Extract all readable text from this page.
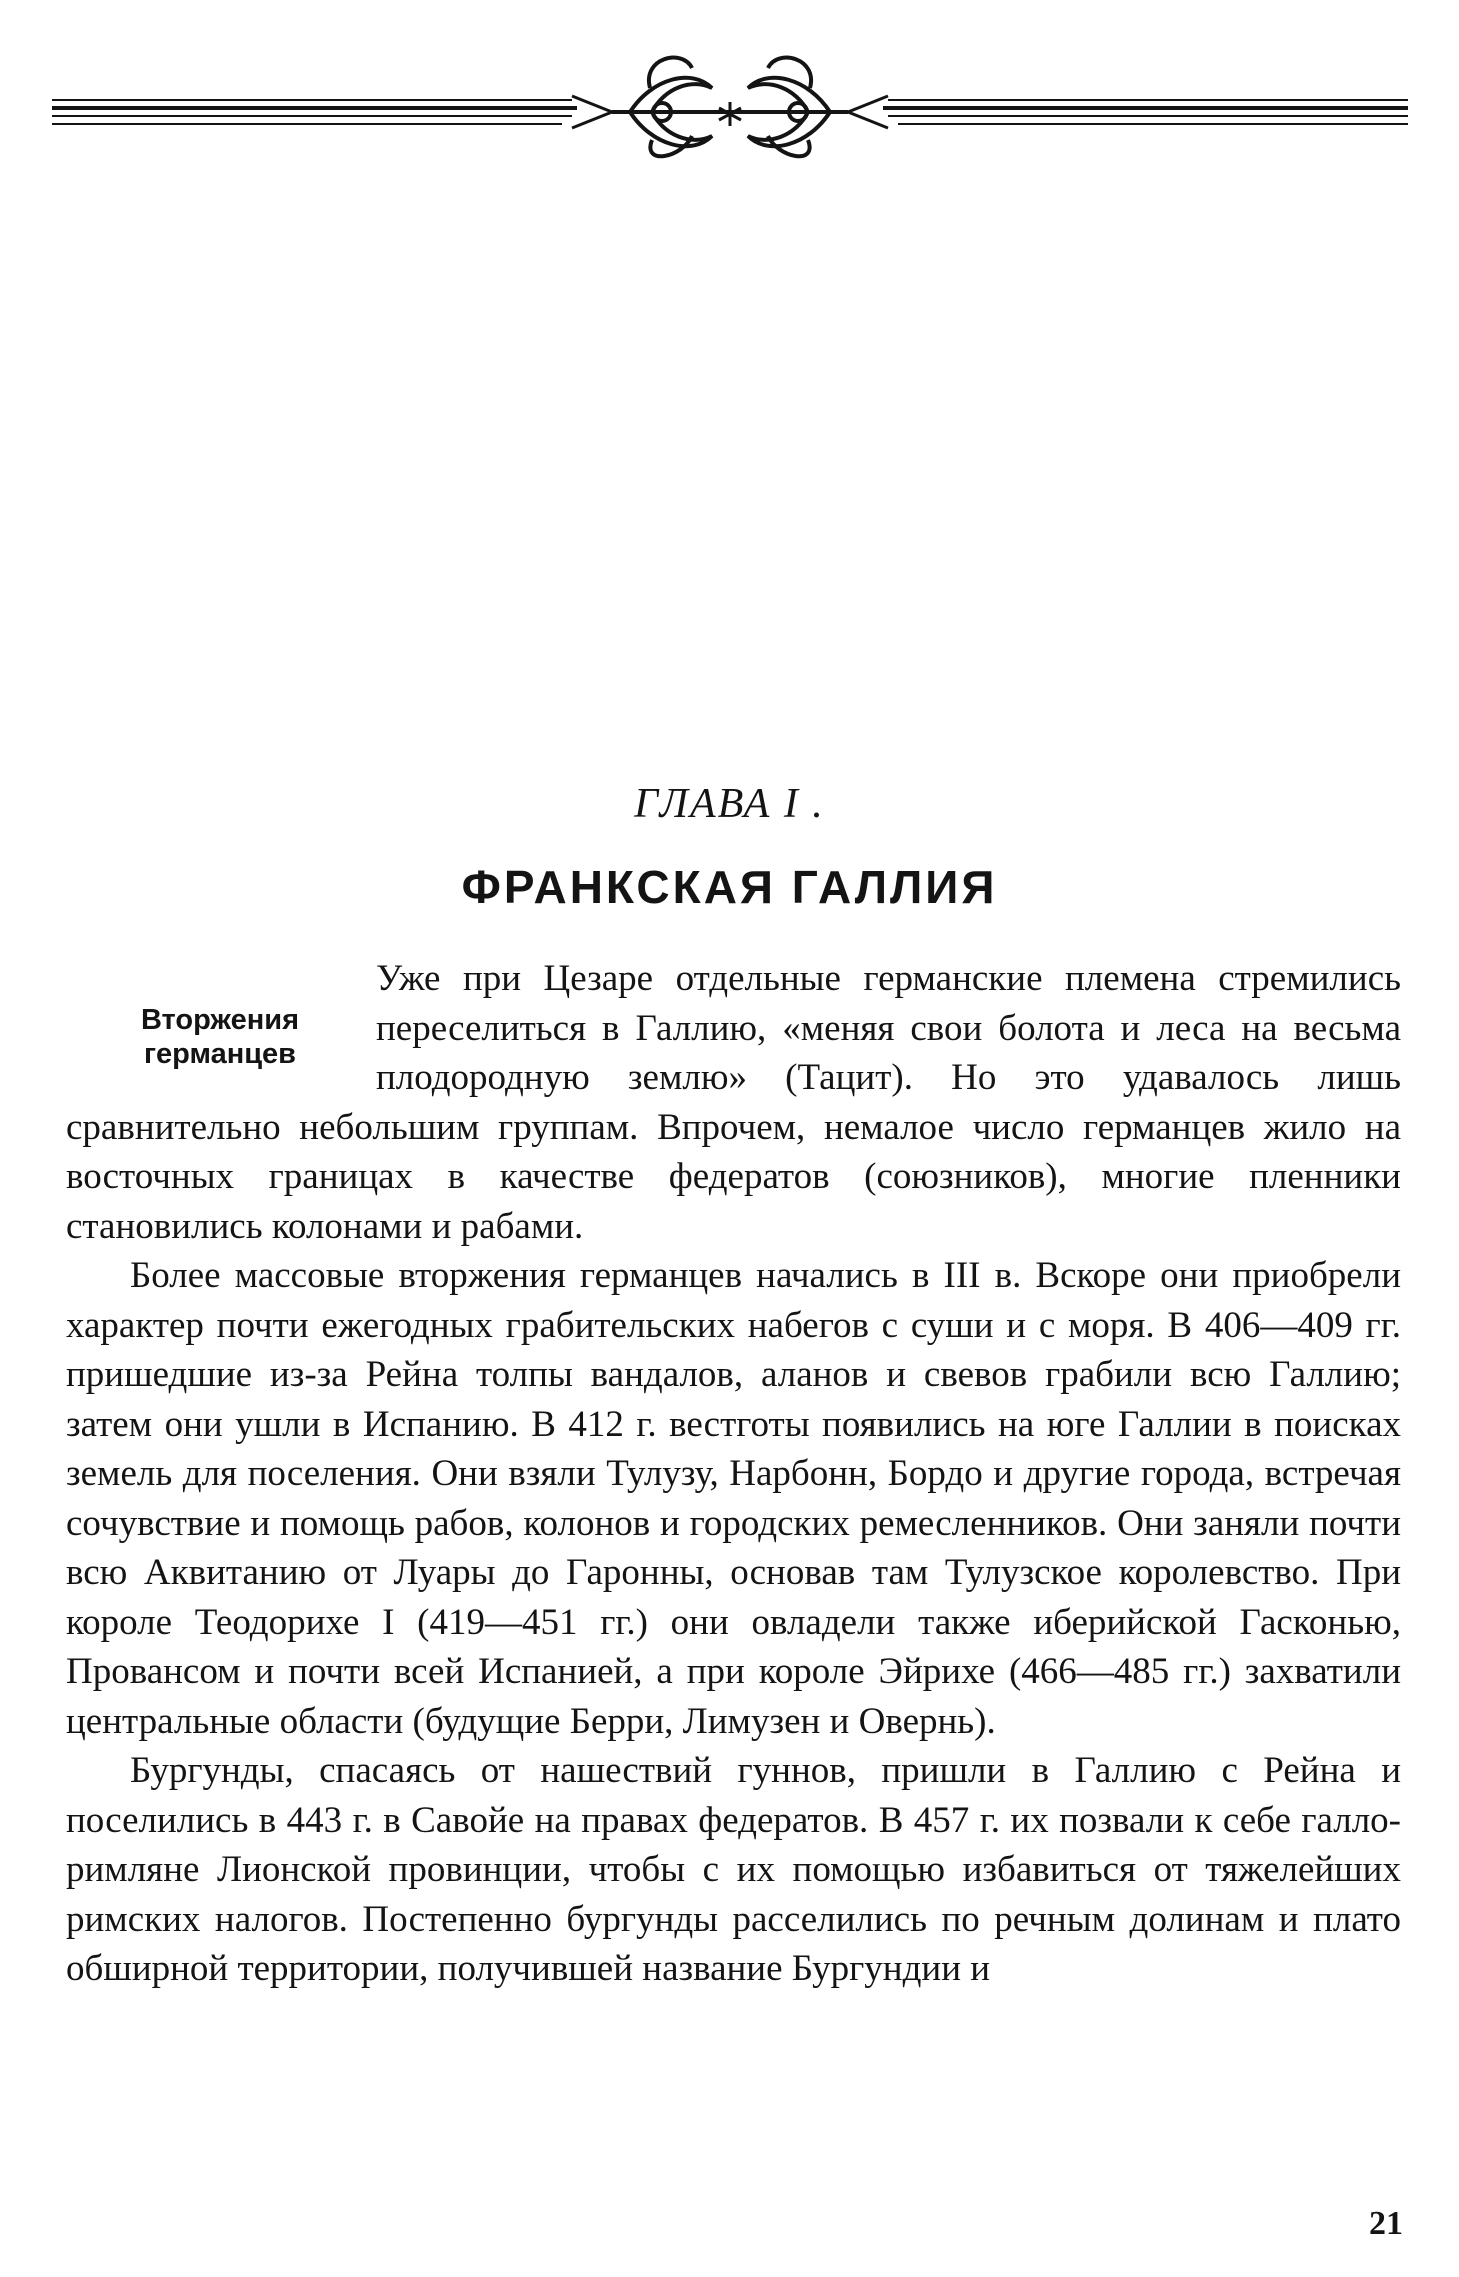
ГЛАВА I .
ФРАНКСКАЯ ГАЛЛИЯ
Вторжения
германцев

Уже при Цезаре отдельные германские племена стремились переселиться в Галлию, «меняя свои болота и леса на весьма плодородную землю» (Тацит). Но это удавалось лишь сравнительно небольшим группам. Впрочем, немалое число германцев жило на восточных границах в качестве федератов (союзников), многие пленники становились колонами и рабами.

Более массовые вторжения германцев начались в III в. Вскоре они приобрели характер почти ежегодных грабительских набегов с суши и с моря. В 406—409 гг. пришедшие из-за Рейна толпы вандалов, аланов и свевов грабили всю Галлию; затем они ушли в Испанию. В 412 г. вестготы появились на юге Галлии в поисках земель для поселения. Они взяли Тулузу, Нарбонн, Бордо и другие города, встречая сочувствие и помощь рабов, колонов и городских ремесленников. Они заняли почти всю Аквитанию от Луары до Гаронны, основав там Тулузское королевство. При короле Теодорихе I (419—451 гг.) они овладели также иберийской Гасконью, Провансом и почти всей Испанией, а при короле Эйрихе (466—485 гг.) захватили центральные области (будущие Берри, Лимузен и Овернь).

Бургунды, спасаясь от нашествий гуннов, пришли в Галлию с Рейна и поселились в 443 г. в Савойе на правах федератов. В 457 г. их позвали к себе галло-римляне Лионской провинции, чтобы с их помощью избавиться от тяжелейших римских налогов. Постепенно бургунды расселились по речным долинам и плато обширной территории, получившей название Бургундии и

21
